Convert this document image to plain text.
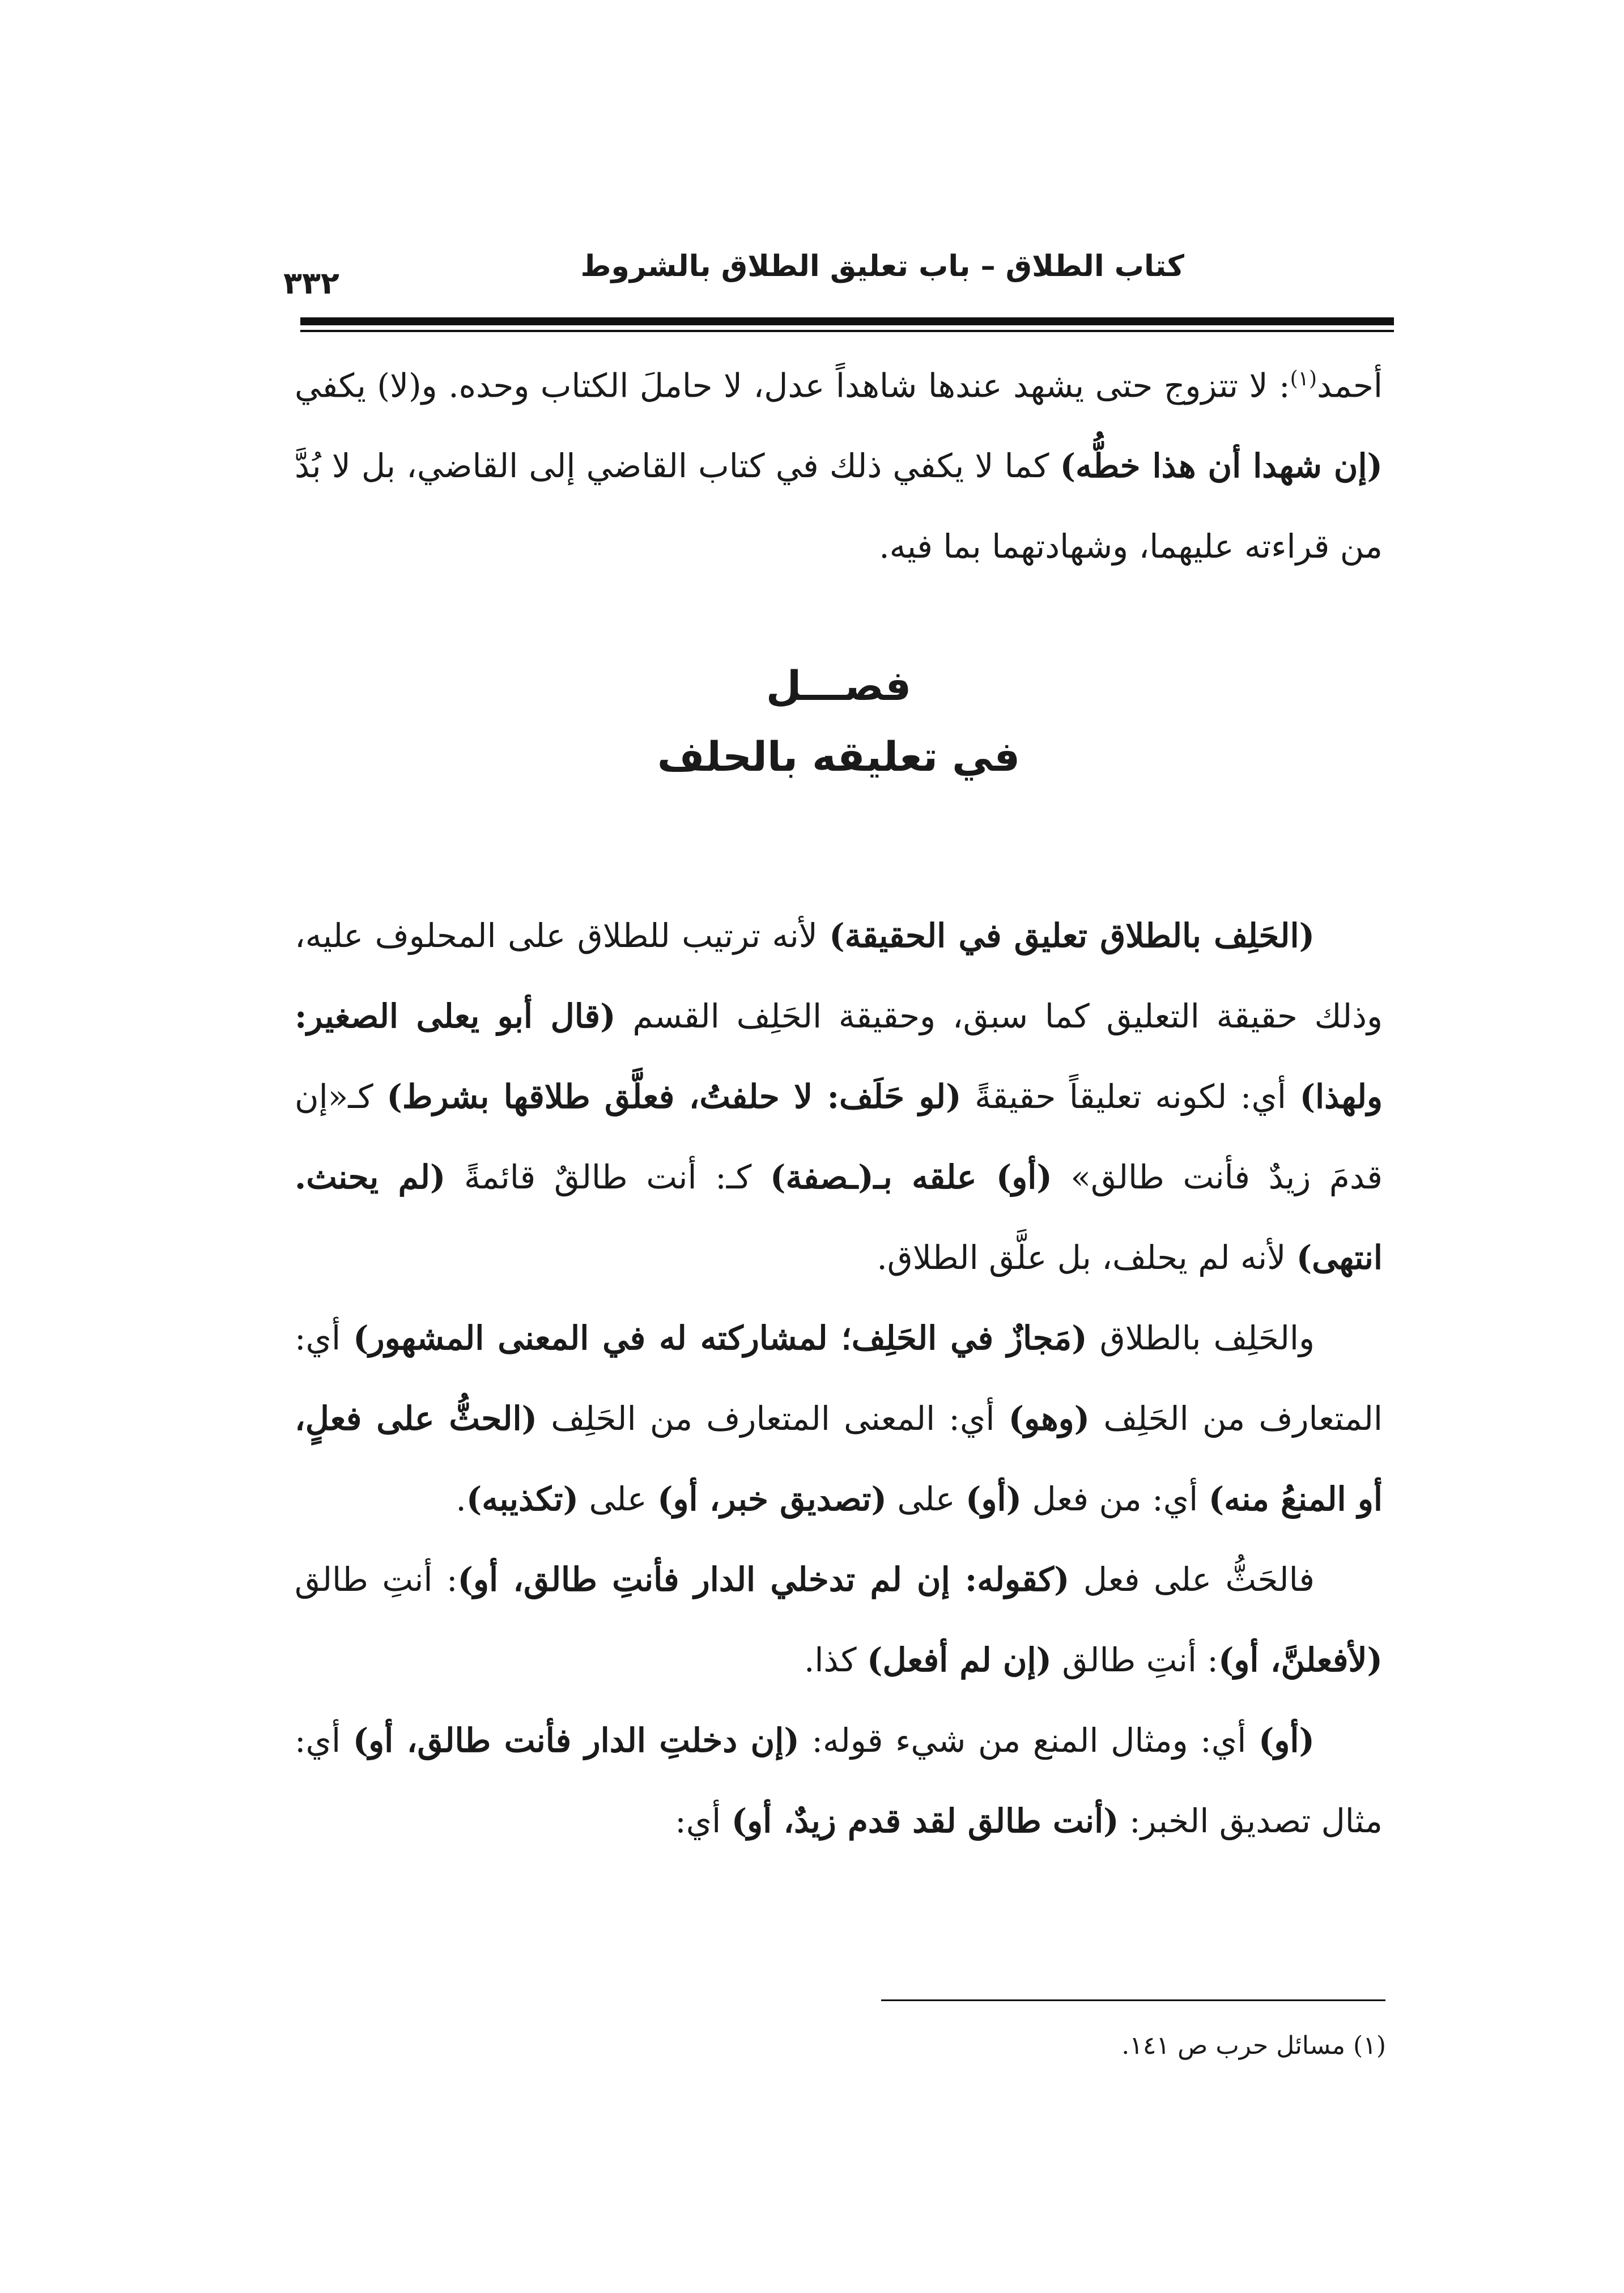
كتاب الطلاق – باب تعليق الطلاق بالشروط
٣٣٢

أحمد$^{(١)}$: لا تتزوج حتى يشهد عندها شاهداً عدل، لا حاملَ الكتاب وحده. و(لا) يكفي (إن شهدا أن هذا خطُّه) كما لا يكفي ذلك في كتاب القاضي إلى القاضي، بل لا بُدَّ من قراءته عليهما، وشهادتهما بما فيه.

فصـــل
في تعليقه بالحلف

(الحَلِف بالطلاق تعليق في الحقيقة) لأنه ترتيب للطلاق على المحلوف عليه، وذلك حقيقة التعليق كما سبق، وحقيقة الحَلِف القسم (قال أبو يعلى الصغير: ولهذا) أي: لكونه تعليقاً حقيقةً (لو حَلَف: لا حلفتُ، فعلَّق طلاقها بشرط) كـ«إن قدمَ زيدٌ فأنت طالق» (أو) علقه بـ(ـصفة) كـ: أنت طالقٌ قائمةً (لم يحنث. انتهى) لأنه لم يحلف، بل علَّق الطلاق.

والحَلِف بالطلاق (مَجازٌ في الحَلِف؛ لمشاركته له في المعنى المشهور) أي: المتعارف من الحَلِف (وهو) أي: المعنى المتعارف من الحَلِف (الحثُّ على فعلٍ، أو المنعُ منه) أي: من فعل (أو) على (تصديق خبر، أو) على (تكذيبه).

فالحَثُّ على فعل (كقوله: إن لم تدخلي الدار فأنتِ طالق، أو): أنتِ طالق (لأفعلنَّ، أو): أنتِ طالق (إن لم أفعل) كذا.

(أو) أي: ومثال المنع من شيء قوله: (إن دخلتِ الدار فأنت طالق، أو) أي: مثال تصديق الخبر: (أنت طالق لقد قدم زيدٌ، أو) أي:

(١) مسائل حرب ص ١٤١.
